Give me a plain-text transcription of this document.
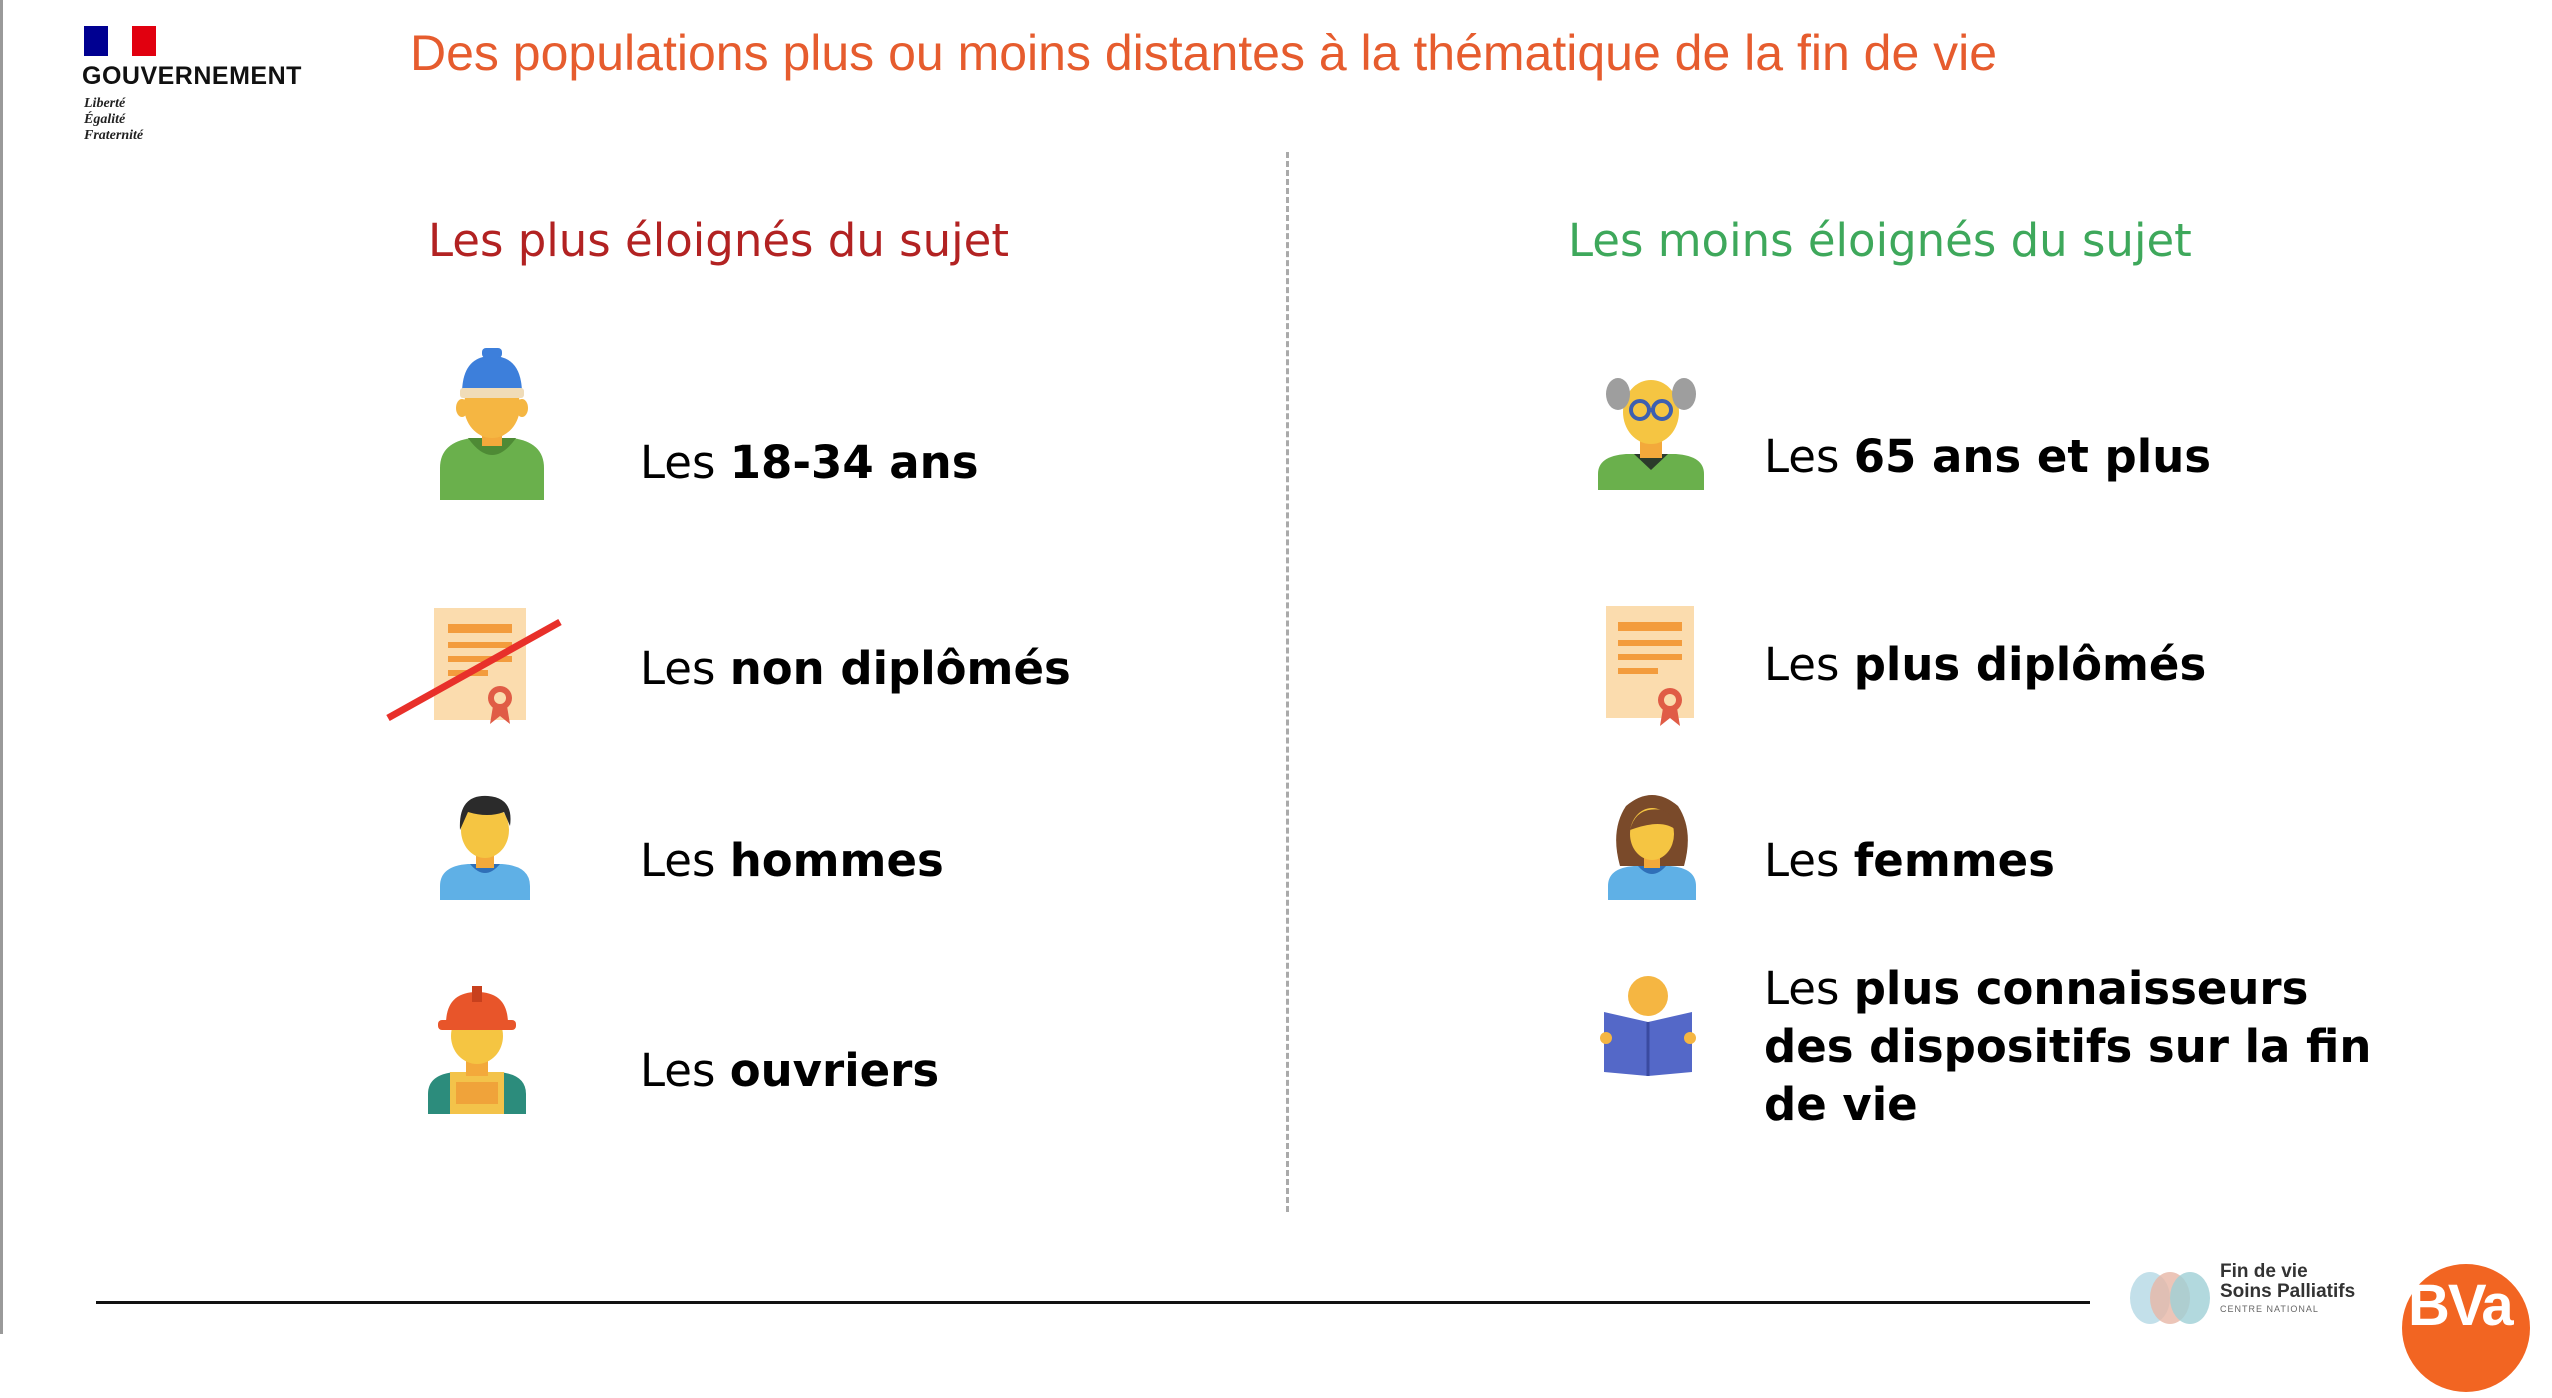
GOUVERNEMENT
Liberté
Égalité
Fraternité
Des populations plus ou moins distantes à la thématique de la fin de vie
Les plus éloignés du sujet	Les moins éloignés du sujet
Les 18-34 ans
Les non diplômés
Les hommes
Les ouvriers
Les 65 ans et plus
Les plus diplômés
Les femmes
Les plus connaisseurs des dispositifs sur la fin de vie
Fin de vie
Soins Palliatifs
CENTRE NATIONAL BVa
